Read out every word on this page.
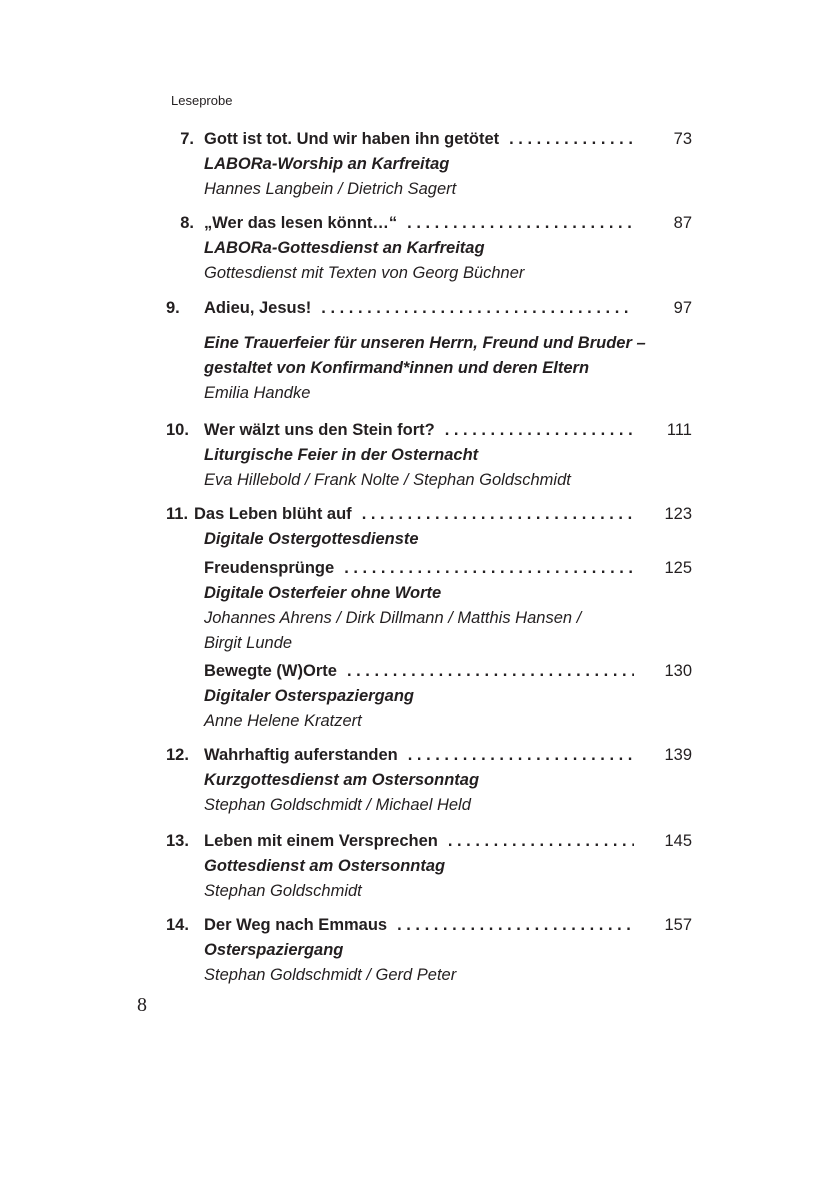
Leseprobe
7. Gott ist tot. Und wir haben ihn getötet . . .	73
LABORa-Worship an Karfreitag
Hannes Langbein / Dietrich Sagert
8. „Wer das lesen könnt…“ . . .	87
LABORa-Gottesdienst an Karfreitag
Gottesdienst mit Texten von Georg Büchner
9. Adieu, Jesus! . . .	97
Eine Trauerfeier für unseren Herrn, Freund und Bruder –
gestaltet von Konfirmand*innen und deren Eltern
Emilia Handke
10. Wer wälzt uns den Stein fort? . . .	111
Liturgische Feier in der Osternacht
Eva Hillebold / Frank Nolte / Stephan Goldschmidt
11. Das Leben blüht auf . . .	123
Digitale Ostergottesdienste
Freudensprünge . . .	125
Digitale Osterfeier ohne Worte
Johannes Ahrens / Dirk Dillmann / Matthis Hansen /
Birgit Lunde
Bewegte (W)Orte . . .	130
Digitaler Osterspaziergang
Anne Helene Kratzert
12. Wahrhaftig auferstanden . . .	139
Kurzgottesdienst am Ostersonntag
Stephan Goldschmidt / Michael Held
13. Leben mit einem Versprechen . . .	145
Gottesdienst am Ostersonntag
Stephan Goldschmidt
14. Der Weg nach Emmaus . . .	157
Osterspaziergang
Stephan Goldschmidt / Gerd Peter
8
